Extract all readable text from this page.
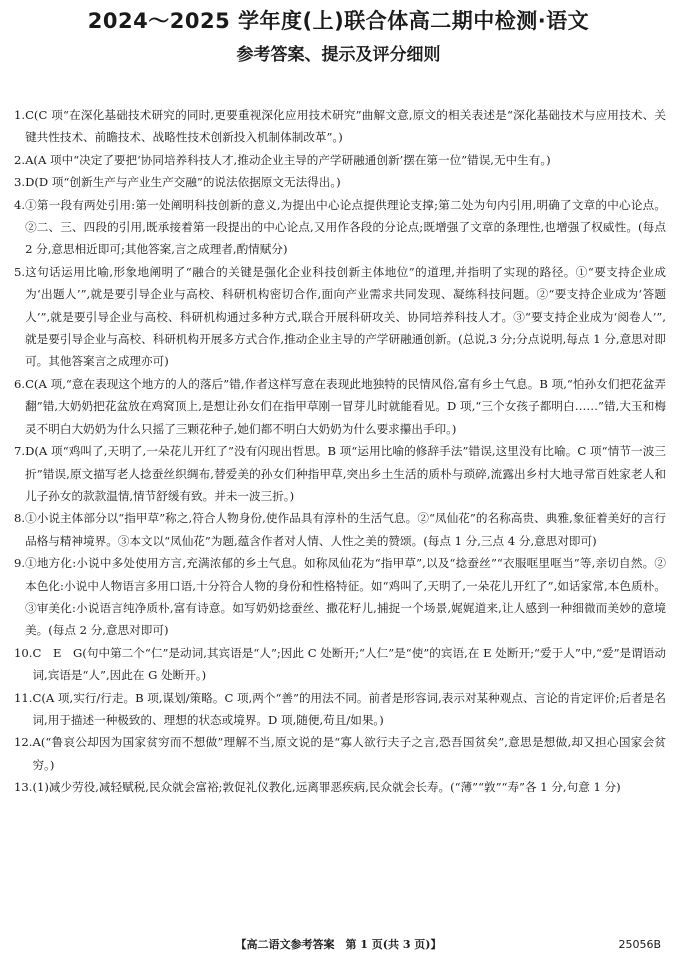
2024～2025 学年度(上)联合体高二期中检测·语文
参考答案、提示及评分细则
1. C(C 项“在深化基础技术研究的同时,更要重视深化应用技术研究”曲解文意,原文的相关表述是“深化基础技术与应用技术、关键共性技术、前瞻技术、战略性技术创新投入机制体制改革”。)
2. A(A 项中“决定了要把‘协同培养科技人才,推动企业主导的产学研融通创新’摆在第一位”错误,无中生有。)
3. D(D 项“创新生产与产业生产交融”的说法依据原文无法得出。)
4. ①第一段有两处引用:第一处阐明科技创新的意义,为提出中心论点提供理论支撑;第二处为句内引用,明确了文章的中心论点。②二、三、四段的引用,既承接着第一段提出的中心论点,又用作各段的分论点;既增强了文章的条理性,也增强了权威性。(每点 2 分,意思相近即可;其他答案,言之成理者,酌情赋分)
5. 这句话运用比喻,形象地阐明了“融合的关键是强化企业科技创新主体地位”的道理,并指明了实现的路径。①“要支持企业成为‘出题人’”,就是要引导企业与高校、科研机构密切合作,面向产业需求共同发现、凝练科技问题。②“要支持企业成为‘答题人’”,就是要引导企业与高校、科研机构通过多种方式,联合开展科研攻关、协同培养科技人才。③“要支持企业成为‘阅卷人’”,就是要引导企业与高校、科研机构开展多方式合作,推动企业主导的产学研融通创新。(总说,3 分;分点说明,每点 1 分,意思对即可。其他答案言之成理亦可)
6. C(A 项,“意在表现这个地方的人的落后”错,作者这样写意在表现此地独特的民情风俗,富有乡土气息。B 项,“怕孙女们把花盆弄翻”错,大奶奶把花盆放在鸡窝顶上,是想让孙女们在指甲草刚一冒芽儿时就能看见。D 项,“三个女孩子都明白……”错,大玉和梅灵不明白大奶奶为什么只摇了三颗花种子,她们都不明白大奶奶为什么要求攥出手印。)
7. D(A 项“鸡叫了,天明了,一朵花儿开红了”没有闪现出哲思。B 项“运用比喻的修辞手法”错误,这里没有比喻。C 项“情节一波三折”错误,原文描写老人捻蚕丝织绸布,替爱美的孙女们种指甲草,突出乡土生活的质朴与琐碎,流露出乡村大地寻常百姓家老人和儿子孙女的款款温情,情节舒缓有致。并未一波三折。)
8. ①小说主体部分以“指甲草”称之,符合人物身份,使作品具有淳朴的生活气息。②“凤仙花”的名称高贵、典雅,象征着美好的言行品格与精神境界。③本文以“凤仙花”为题,蕴含作者对人情、人性之美的赞颂。(每点 1 分,三点 4 分,意思对即可)
9. ①地方化:小说中多处使用方言,充满浓郁的乡土气息。如称凤仙花为“指甲草”,以及“捻蚕丝”“衣服哐里哐当”等,亲切自然。②本色化:小说中人物语言多用口语,十分符合人物的身份和性格特征。如“鸡叫了,天明了,一朵花儿开红了”,如话家常,本色质朴。③审美化:小说语言纯净质朴,富有诗意。如写奶奶捻蚕丝、撒花籽儿,捕捉一个场景,娓娓道来,让人感到一种细微而美妙的意境美。(每点 2 分,意思对即可)
10. C　E　G(句中第二个“仁”是动词,其宾语是“人”;因此 C 处断开;“人仁”是“使”的宾语,在 E 处断开;“爱于人”中,“爱”是谓语动词,宾语是“人”,因此在 G 处断开。)
11. C(A 项,实行/行走。B 项,谋划/策略。C 项,两个“善”的用法不同。前者是形容词,表示对某种观点、言论的肯定评价;后者是名词,用于描述一种极致的、理想的状态或境界。D 项,随便,苟且/如果。)
12. A(“鲁哀公却因为国家贫穷而不想做”理解不当,原文说的是“寡人欲行夫子之言,恐吾国贫矣”,意思是想做,却又担心国家会贫穷。)
13. (1)减少劳役,减轻赋税,民众就会富裕;敦促礼仪教化,远离罪恶疾病,民众就会长寿。(“薄”“敦”“寿”各 1 分,句意 1 分)
【高二语文参考答案　第 1 页(共 3 页)】	25056B
